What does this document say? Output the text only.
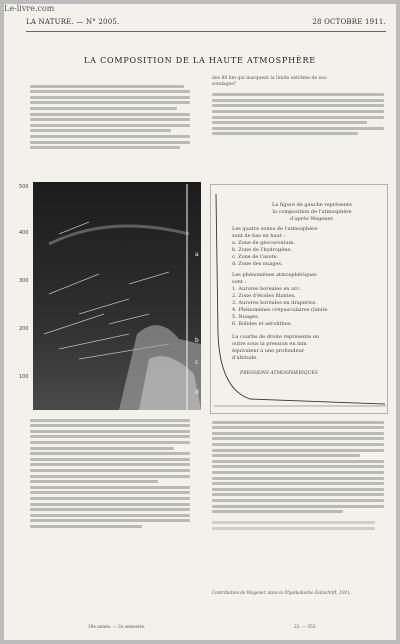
Le-livre.com
LA NATURE. — N° 2005.	28 OCTOBRE 1911.
LA COMPOSITION DE LA HAUTE ATMOSPHÈRE
des 80 km qui marquent la limite extrême de nos
sondages?
a
b
c
d
500
400
300
200
100
La figure de gauche représente
la composition de l'atmosphère
d'après Wegener.
Les quatre zones de l'atmosphère
sont de bas en haut :
a. Zone de géocoronium.
b. Zone de l'hydrogène.
c. Zone de l'azote.
d. Zone des nuages.
Les phénomènes atmosphériques
sont :
1. Aurores boréales en arc.
2. Zone d'étoiles filantes.
3. Aurores boréales en draperies.
4. Phénomènes crépusculaires (limite
5. Nuages.
6. Bolides et aérolithes.
La courbe de droite représente en
outre sous la pression en mm
équivalent à une profondeur
d'altitude.
PRESSIONS ATMOSPHÉRIQUES
39e année. — 2e semestre.	22. — 353
Contribution de Wegener, dans la Physikalische Zeitschrift, 1911.
